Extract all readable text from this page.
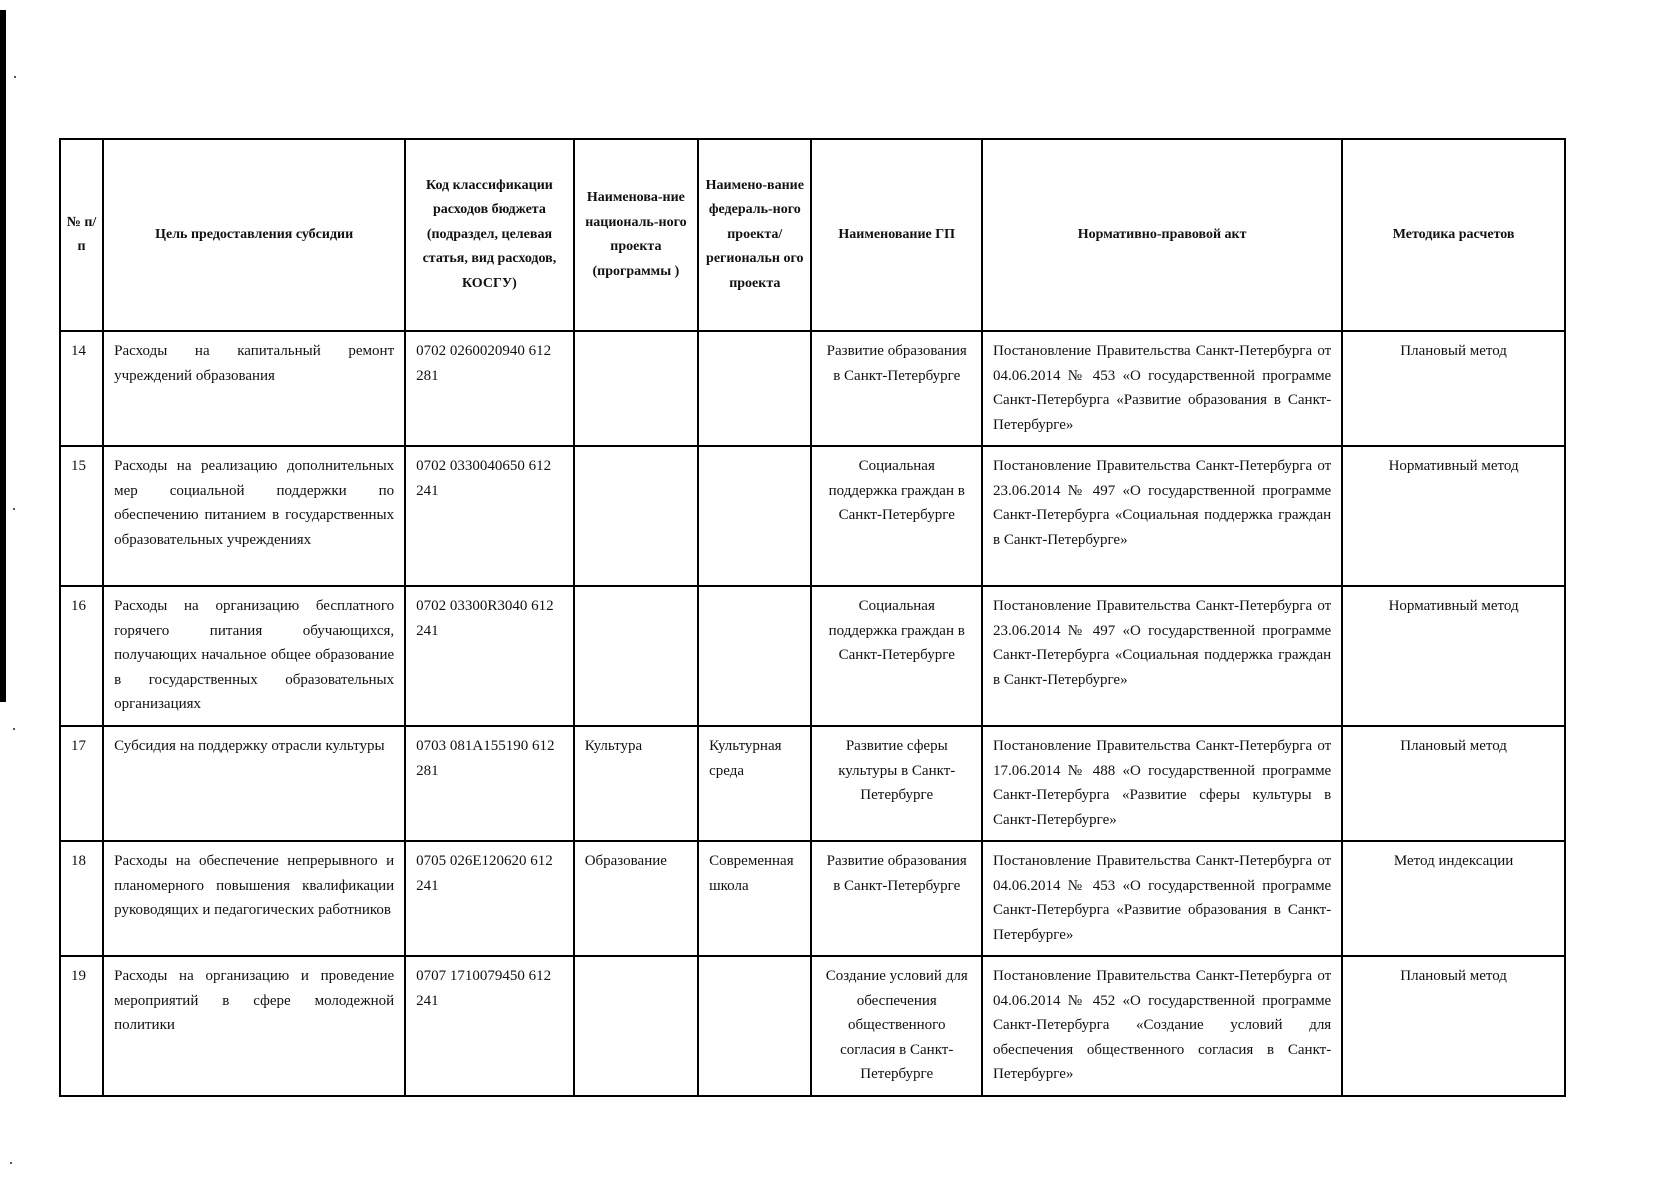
№ п/ п	Цель предоставления субсидии	Код классификации расходов бюджета (подраздел, целевая статья, вид расходов, КОСГУ)	Наименова-ние националь-ного проекта (программы )	Наимено-вание федераль-ного проекта/ региональн ого проекта	Наименование ГП	Нормативно-правовой акт	Методика расчетов
14	Расходы на капитальный ремонт учреждений образования	0702 0260020940 612 281			Развитие образования в Санкт-Петербурге	Постановление Правительства Санкт-Петербурга от 04.06.2014 № 453 «О государственной программе Санкт-Петербурга «Развитие образования в Санкт-Петербурге»	Плановый метод
15	Расходы на реализацию дополнительных мер социальной поддержки по обеспечению питанием в государственных образовательных учреждениях	0702 0330040650 612 241			Социальная поддержка граждан в Санкт-Петербурге	Постановление Правительства Санкт-Петербурга от 23.06.2014 № 497 «О государственной программе Санкт-Петербурга «Социальная поддержка граждан в Санкт-Петербурге»	Нормативный метод
16	Расходы на организацию бесплатного горячего питания обучающихся, получающих начальное общее образование в государственных образовательных организациях	0702 03300R3040 612 241			Социальная поддержка граждан в Санкт-Петербурге	Постановление Правительства Санкт-Петербурга от 23.06.2014 № 497 «О государственной программе Санкт-Петербурга «Социальная поддержка граждан в Санкт-Петербурге»	Нормативный метод
17	Субсидия на поддержку отрасли культуры	0703 081A155190 612 281	Культура	Культурная среда	Развитие сферы культуры в Санкт-Петербурге	Постановление Правительства Санкт-Петербурга от 17.06.2014 № 488 «О государственной программе Санкт-Петербурга «Развитие сферы культуры в Санкт-Петербурге»	Плановый метод
18	Расходы на обеспечение непрерывного и планомерного повышения квалификации руководящих и педагогических работников	0705 026E120620 612 241	Образование	Современная школа	Развитие образования в Санкт-Петербурге	Постановление Правительства Санкт-Петербурга от 04.06.2014 № 453 «О государственной программе Санкт-Петербурга «Развитие образования в Санкт-Петербурге»	Метод индексации
19	Расходы на организацию и проведение мероприятий в сфере молодежной политики	0707 1710079450 612 241			Создание условий для обеспечения общественного согласия в Санкт-Петербурге	Постановление Правительства Санкт-Петербурга от 04.06.2014 № 452 «О государственной программе Санкт-Петербурга «Создание условий для обеспечения общественного согласия в Санкт-Петербурге»	Плановый метод
